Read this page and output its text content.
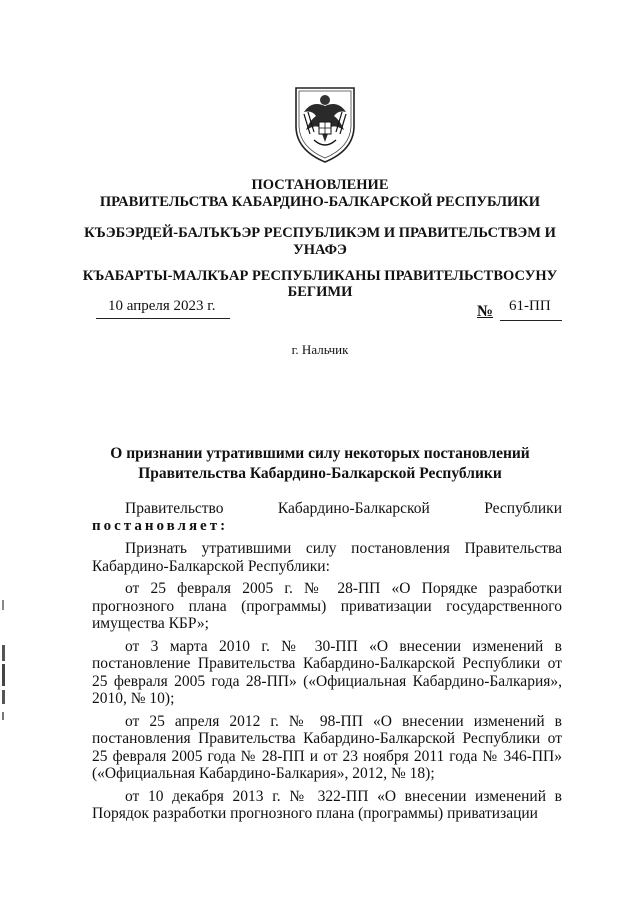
ПОСТАНОВЛЕНИЕ

ПРАВИТЕЛЬСТВА КАБАРДИНО-БАЛКАРСКОЙ РЕСПУБЛИКИ

КЪЭБЭРДЕЙ-БАЛЪКЪЭР РЕСПУБЛИКЭМ И ПРАВИТЕЛЬСТВЭМ И

УНАФЭ

КЪАБАРТЫ-МАЛКЪАР РЕСПУБЛИКАНЫ ПРАВИТЕЛЬСТВОСУНУ

БЕГИМИ

10 апреля 2023 г.	№ 61-ПП
г. Нальчик
О признании утратившими силу некоторых постановлений
Правительства Кабардино-Балкарской Республики

Правительство Кабардино-Балкарской Республики

постановляет:

Признать утратившими силу постановления Правительства Кабардино-Балкарской Республики:

от 25 февраля 2005 г. № 28-ПП «О Порядке разработки прогнозного плана (программы) приватизации государственного имущества КБР»;

от 3 марта 2010 г. № 30-ПП «О внесении изменений в постановление Правительства Кабардино-Балкарской Республики от 25 февраля 2005 года 28-ПП» («Официальная Кабардино-Балкария», 2010, № 10);

от 25 апреля 2012 г. № 98-ПП «О внесении изменений в постановления Правительства Кабардино-Балкарской Республики от 25 февраля 2005 года № 28-ПП и от 23 ноября 2011 года № 346-ПП» («Официальная Кабардино-Балкария», 2012, № 18);

от 10 декабря 2013 г. № 322-ПП «О внесении изменений в Порядок разработки прогнозного плана (программы) приватизации
